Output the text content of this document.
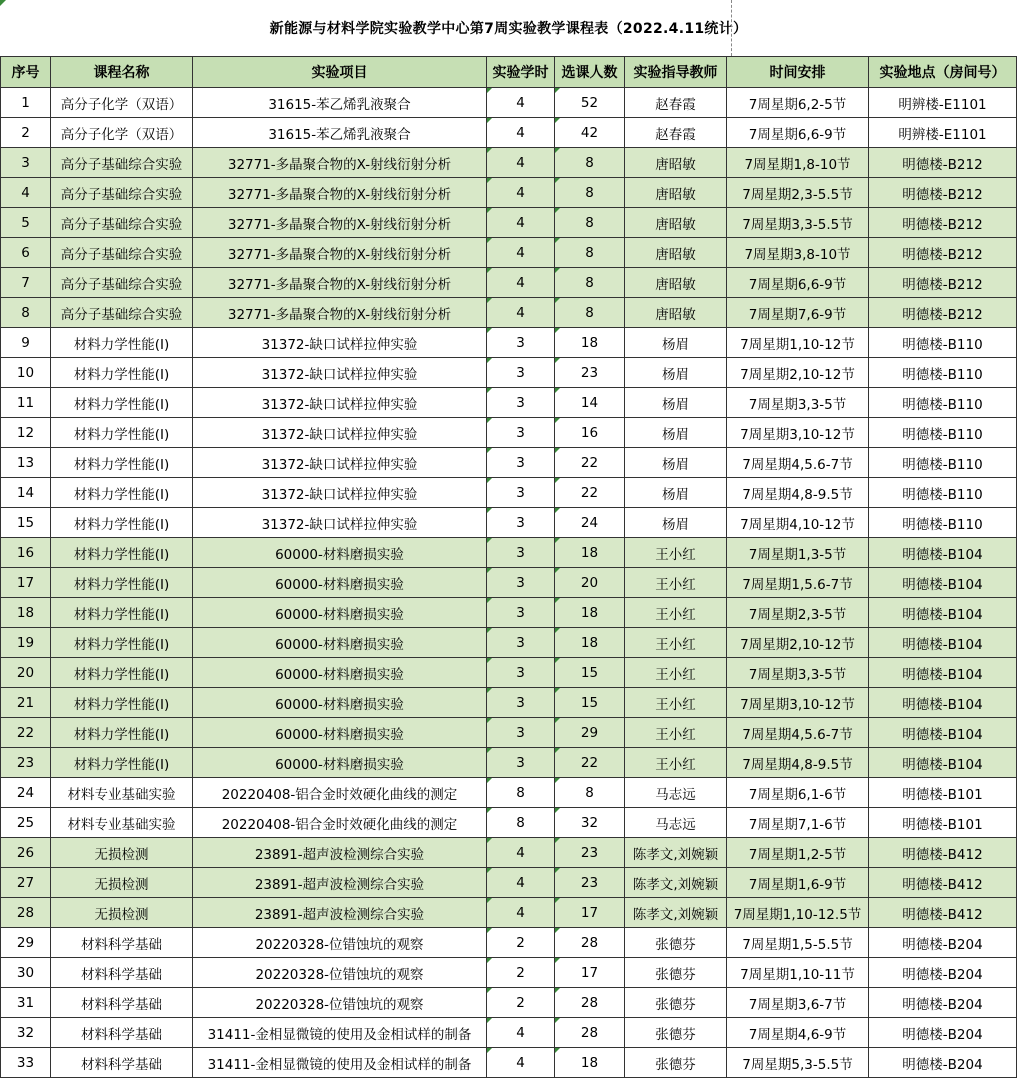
新能源与材料学院实验教学中心第7周实验教学课程表（2022.4.11统计）
序号	课程名称	实验项目	实验学时	选课人数	实验指导教师	时间安排	实验地点（房间号）
1	高分子化学（双语）	31615-苯乙烯乳液聚合	4	52	赵春霞	7周星期6,2-5节	明辨楼-E1101
2	高分子化学（双语）	31615-苯乙烯乳液聚合	4	42	赵春霞	7周星期6,6-9节	明辨楼-E1101
3	高分子基础综合实验	32771-多晶聚合物的X-射线衍射分析	4	8	唐昭敏	7周星期1,8-10节	明德楼-B212
4	高分子基础综合实验	32771-多晶聚合物的X-射线衍射分析	4	8	唐昭敏	7周星期2,3-5.5节	明德楼-B212
5	高分子基础综合实验	32771-多晶聚合物的X-射线衍射分析	4	8	唐昭敏	7周星期3,3-5.5节	明德楼-B212
6	高分子基础综合实验	32771-多晶聚合物的X-射线衍射分析	4	8	唐昭敏	7周星期3,8-10节	明德楼-B212
7	高分子基础综合实验	32771-多晶聚合物的X-射线衍射分析	4	8	唐昭敏	7周星期6,6-9节	明德楼-B212
8	高分子基础综合实验	32771-多晶聚合物的X-射线衍射分析	4	8	唐昭敏	7周星期7,6-9节	明德楼-B212
9	材料力学性能(Ⅰ)	31372-缺口试样拉伸实验	3	18	杨眉	7周星期1,10-12节	明德楼-B110
10	材料力学性能(Ⅰ)	31372-缺口试样拉伸实验	3	23	杨眉	7周星期2,10-12节	明德楼-B110
11	材料力学性能(Ⅰ)	31372-缺口试样拉伸实验	3	14	杨眉	7周星期3,3-5节	明德楼-B110
12	材料力学性能(Ⅰ)	31372-缺口试样拉伸实验	3	16	杨眉	7周星期3,10-12节	明德楼-B110
13	材料力学性能(Ⅰ)	31372-缺口试样拉伸实验	3	22	杨眉	7周星期4,5.6-7节	明德楼-B110
14	材料力学性能(Ⅰ)	31372-缺口试样拉伸实验	3	22	杨眉	7周星期4,8-9.5节	明德楼-B110
15	材料力学性能(Ⅰ)	31372-缺口试样拉伸实验	3	24	杨眉	7周星期4,10-12节	明德楼-B110
16	材料力学性能(Ⅰ)	60000-材料磨损实验	3	18	王小红	7周星期1,3-5节	明德楼-B104
17	材料力学性能(Ⅰ)	60000-材料磨损实验	3	20	王小红	7周星期1,5.6-7节	明德楼-B104
18	材料力学性能(Ⅰ)	60000-材料磨损实验	3	18	王小红	7周星期2,3-5节	明德楼-B104
19	材料力学性能(Ⅰ)	60000-材料磨损实验	3	18	王小红	7周星期2,10-12节	明德楼-B104
20	材料力学性能(Ⅰ)	60000-材料磨损实验	3	15	王小红	7周星期3,3-5节	明德楼-B104
21	材料力学性能(Ⅰ)	60000-材料磨损实验	3	15	王小红	7周星期3,10-12节	明德楼-B104
22	材料力学性能(Ⅰ)	60000-材料磨损实验	3	29	王小红	7周星期4,5.6-7节	明德楼-B104
23	材料力学性能(Ⅰ)	60000-材料磨损实验	3	22	王小红	7周星期4,8-9.5节	明德楼-B104
24	材料专业基础实验	20220408-铝合金时效硬化曲线的测定	8	8	马志远	7周星期6,1-6节	明德楼-B101
25	材料专业基础实验	20220408-铝合金时效硬化曲线的测定	8	32	马志远	7周星期7,1-6节	明德楼-B101
26	无损检测	23891-超声波检测综合实验	4	23	陈孝文,刘婉颖	7周星期1,2-5节	明德楼-B412
27	无损检测	23891-超声波检测综合实验	4	23	陈孝文,刘婉颖	7周星期1,6-9节	明德楼-B412
28	无损检测	23891-超声波检测综合实验	4	17	陈孝文,刘婉颖	7周星期1,10-12.5节	明德楼-B412
29	材料科学基础	20220328-位错蚀坑的观察	2	28	张德芬	7周星期1,5-5.5节	明德楼-B204
30	材料科学基础	20220328-位错蚀坑的观察	2	17	张德芬	7周星期1,10-11节	明德楼-B204
31	材料科学基础	20220328-位错蚀坑的观察	2	28	张德芬	7周星期3,6-7节	明德楼-B204
32	材料科学基础	31411-金相显微镜的使用及金相试样的制备	4	28	张德芬	7周星期4,6-9节	明德楼-B204
33	材料科学基础	31411-金相显微镜的使用及金相试样的制备	4	18	张德芬	7周星期5,3-5.5节	明德楼-B204
